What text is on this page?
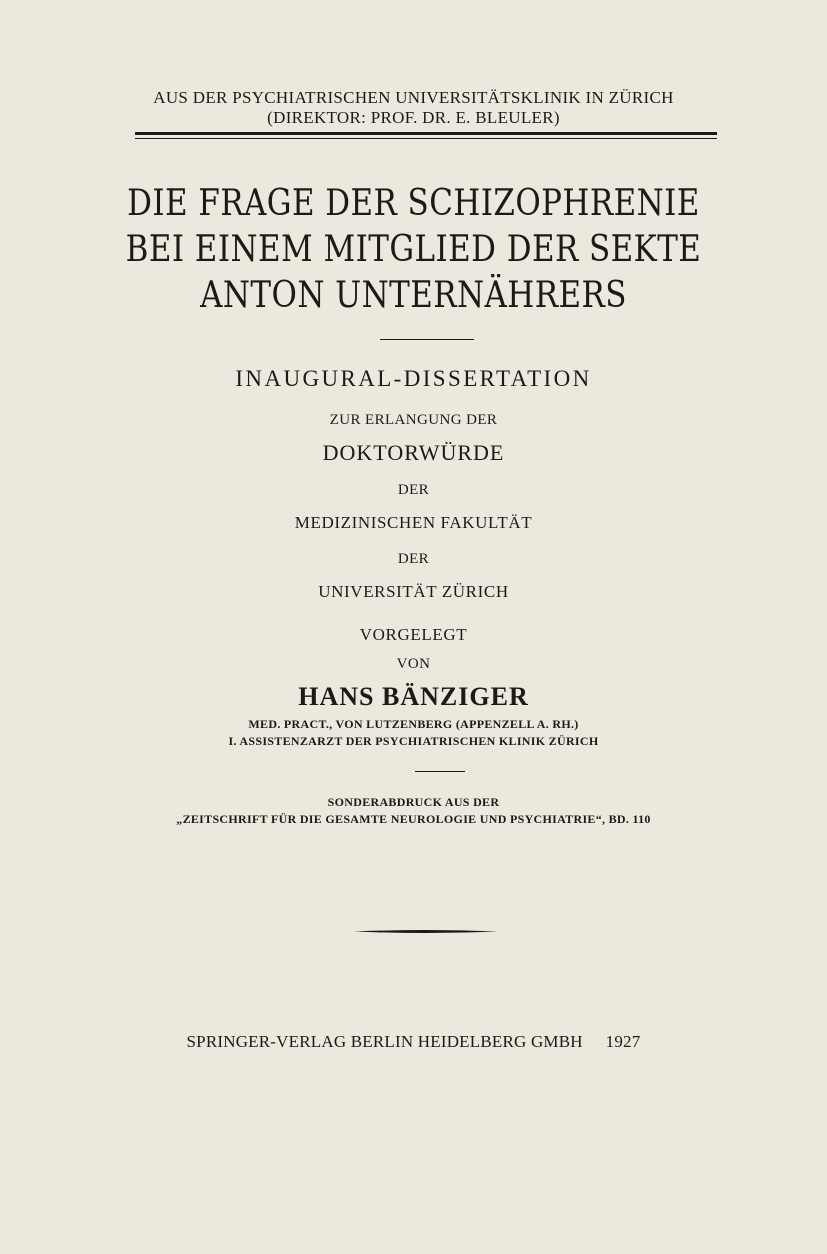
AUS DER PSYCHIATRISCHEN UNIVERSITÄTSKLINIK IN ZÜRICH
(DIREKTOR: PROF. DR. E. BLEULER)
DIE FRAGE DER SCHIZOPHRENIE
BEI EINEM MITGLIED DER SEKTE
ANTON UNTERNÄHRERS
INAUGURAL-DISSERTATION
ZUR ERLANGUNG DER
DOKTORWÜRDE
DER
MEDIZINISCHEN FAKULTÄT
DER
UNIVERSITÄT ZÜRICH
VORGELEGT
VON
HANS BÄNZIGER
MED. PRACT., VON LUTZENBERG (APPENZELL A. RH.)
I. ASSISTENZARZT DER PSYCHIATRISCHEN KLINIK ZÜRICH
SONDERABDRUCK AUS DER
„ZEITSCHRIFT FÜR DIE GESAMTE NEUROLOGIE UND PSYCHIATRIE“, BD. 110
SPRINGER-VERLAG BERLIN HEIDELBERG GMBH 1927
